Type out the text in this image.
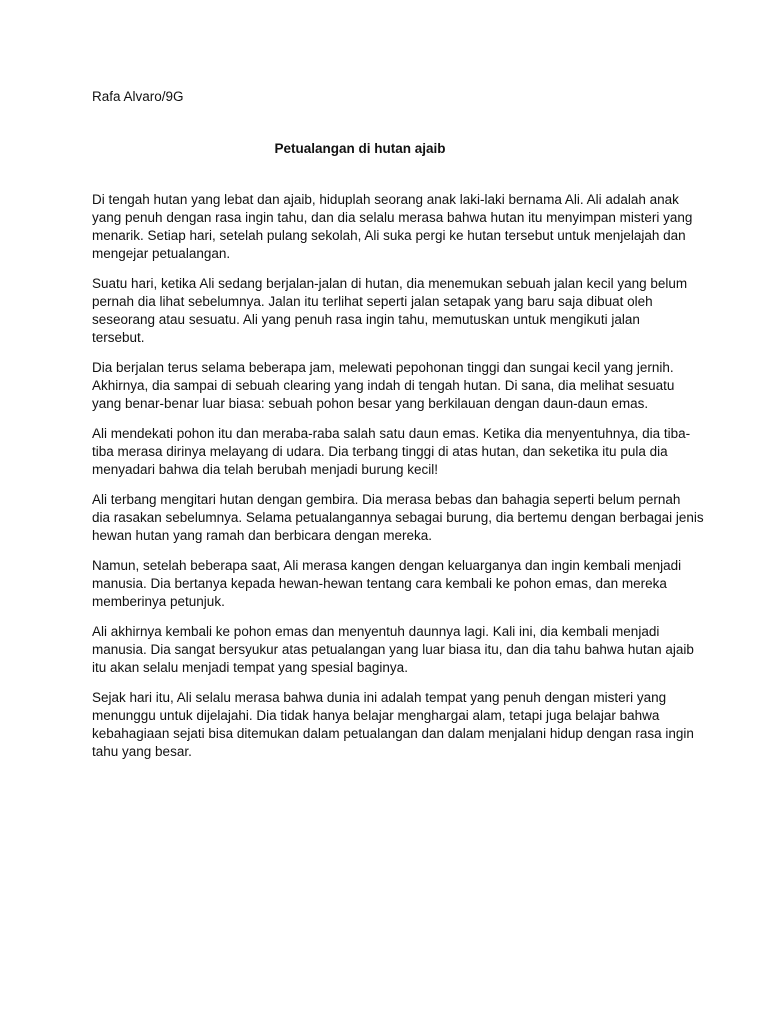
Rafa Alvaro/9G
Petualangan di hutan ajaib
Di tengah hutan yang lebat dan ajaib, hiduplah seorang anak laki-laki bernama Ali. Ali adalah anak
yang penuh dengan rasa ingin tahu, dan dia selalu merasa bahwa hutan itu menyimpan misteri yang
menarik. Setiap hari, setelah pulang sekolah, Ali suka pergi ke hutan tersebut untuk menjelajah dan
mengejar petualangan.
Suatu hari, ketika Ali sedang berjalan-jalan di hutan, dia menemukan sebuah jalan kecil yang belum
pernah dia lihat sebelumnya. Jalan itu terlihat seperti jalan setapak yang baru saja dibuat oleh
seseorang atau sesuatu. Ali yang penuh rasa ingin tahu, memutuskan untuk mengikuti jalan
tersebut.
Dia berjalan terus selama beberapa jam, melewati pepohonan tinggi dan sungai kecil yang jernih.
Akhirnya, dia sampai di sebuah clearing yang indah di tengah hutan. Di sana, dia melihat sesuatu
yang benar-benar luar biasa: sebuah pohon besar yang berkilauan dengan daun-daun emas.
Ali mendekati pohon itu dan meraba-raba salah satu daun emas. Ketika dia menyentuhnya, dia tiba-
tiba merasa dirinya melayang di udara. Dia terbang tinggi di atas hutan, dan seketika itu pula dia
menyadari bahwa dia telah berubah menjadi burung kecil!
Ali terbang mengitari hutan dengan gembira. Dia merasa bebas dan bahagia seperti belum pernah
dia rasakan sebelumnya. Selama petualangannya sebagai burung, dia bertemu dengan berbagai jenis
hewan hutan yang ramah dan berbicara dengan mereka.
Namun, setelah beberapa saat, Ali merasa kangen dengan keluarganya dan ingin kembali menjadi
manusia. Dia bertanya kepada hewan-hewan tentang cara kembali ke pohon emas, dan mereka
memberinya petunjuk.
Ali akhirnya kembali ke pohon emas dan menyentuh daunnya lagi. Kali ini, dia kembali menjadi
manusia. Dia sangat bersyukur atas petualangan yang luar biasa itu, dan dia tahu bahwa hutan ajaib
itu akan selalu menjadi tempat yang spesial baginya.
Sejak hari itu, Ali selalu merasa bahwa dunia ini adalah tempat yang penuh dengan misteri yang
menunggu untuk dijelajahi. Dia tidak hanya belajar menghargai alam, tetapi juga belajar bahwa
kebahagiaan sejati bisa ditemukan dalam petualangan dan dalam menjalani hidup dengan rasa ingin
tahu yang besar.
